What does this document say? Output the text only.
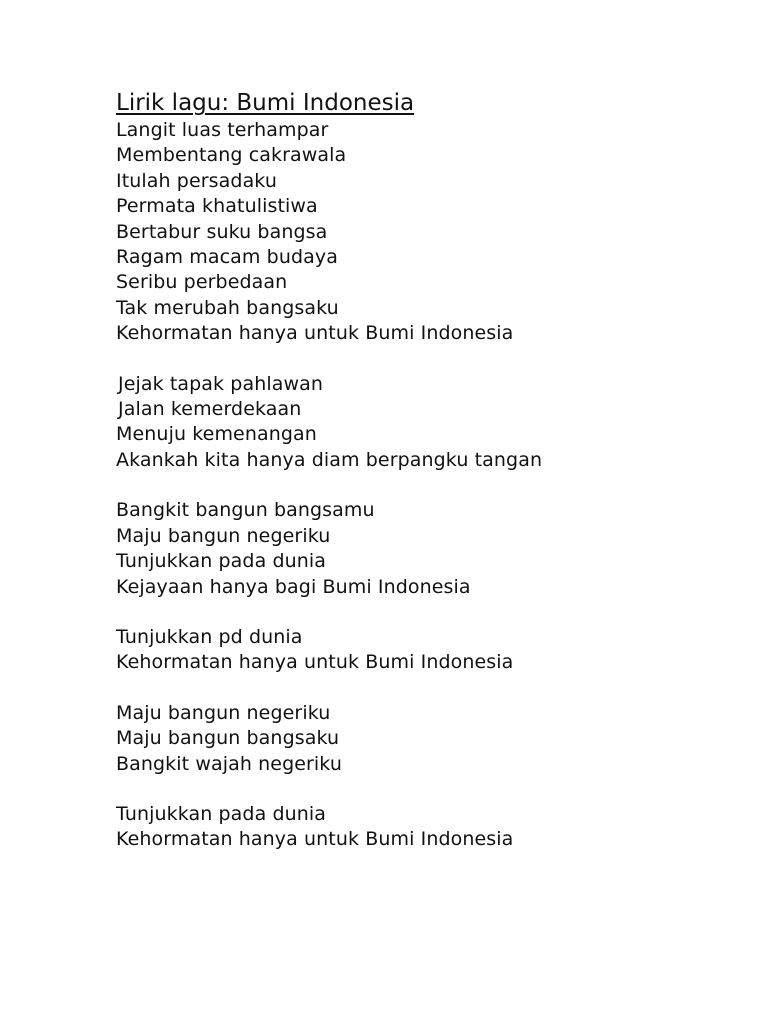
Lirik lagu: Bumi Indonesia
Langit luas terhampar
Membentang cakrawala
Itulah persadaku
Permata khatulistiwa
Bertabur suku bangsa
Ragam macam budaya
Seribu perbedaan
Tak merubah bangsaku
Kehormatan hanya untuk Bumi Indonesia
Jejak tapak pahlawan
Jalan kemerdekaan
Menuju kemenangan
Akankah kita hanya diam berpangku tangan
Bangkit bangun bangsamu
Maju bangun negeriku
Tunjukkan pada dunia
Kejayaan hanya bagi Bumi Indonesia
Tunjukkan pd dunia
Kehormatan hanya untuk Bumi Indonesia
Maju bangun negeriku
Maju bangun bangsaku
Bangkit wajah negeriku
Tunjukkan pada dunia
Kehormatan hanya untuk Bumi Indonesia
